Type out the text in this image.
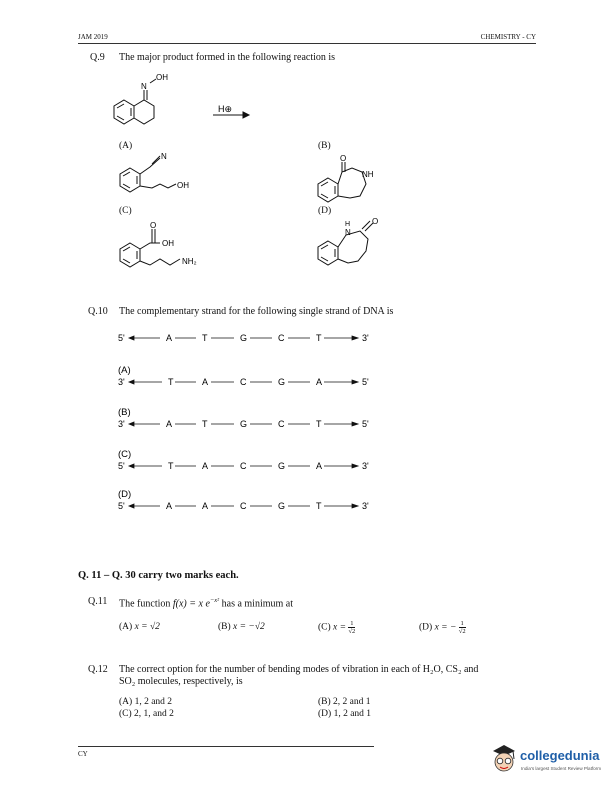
JAM 2019	CHEMISTRY - CY
Q.9 The major product formed in the following reaction is
N
OH
H⊕
(A)	(B)
N
OH
O
NH
(C)	(D)
O
OH
NH₂
H
N
O
Q.10 The complementary strand for the following single strand of DNA is
5'	A	T	G	C	T	3'
(A)
3'	T	A	C	G	A	5'
(B)
3'	A	T	G	C	T	5'
(C)
5'	T	A	C	G	A	3'
(D)
5'	A	A	C	G	T	3'
Q. 11 – Q. 30 carry two marks each.
Q.11 The function f(x) = x $e^{-x^2}$ has a minimum at
(A) x = √2	(B) x = −√2	(C) $x = \frac{1}{√2}$	(D) x = − $\frac{1}{√2}$
Q.12 The correct option for the number of bending modes of vibration in each of H₂O, CS₂ and
SO₂ molecules, respectively, is
(A) 1, 2 and 2	(B) 2, 2 and 1
(C) 2, 1, and 2	(D) 1, 2 and 1
CY	collegedunia
India's largest Student Review Platform
